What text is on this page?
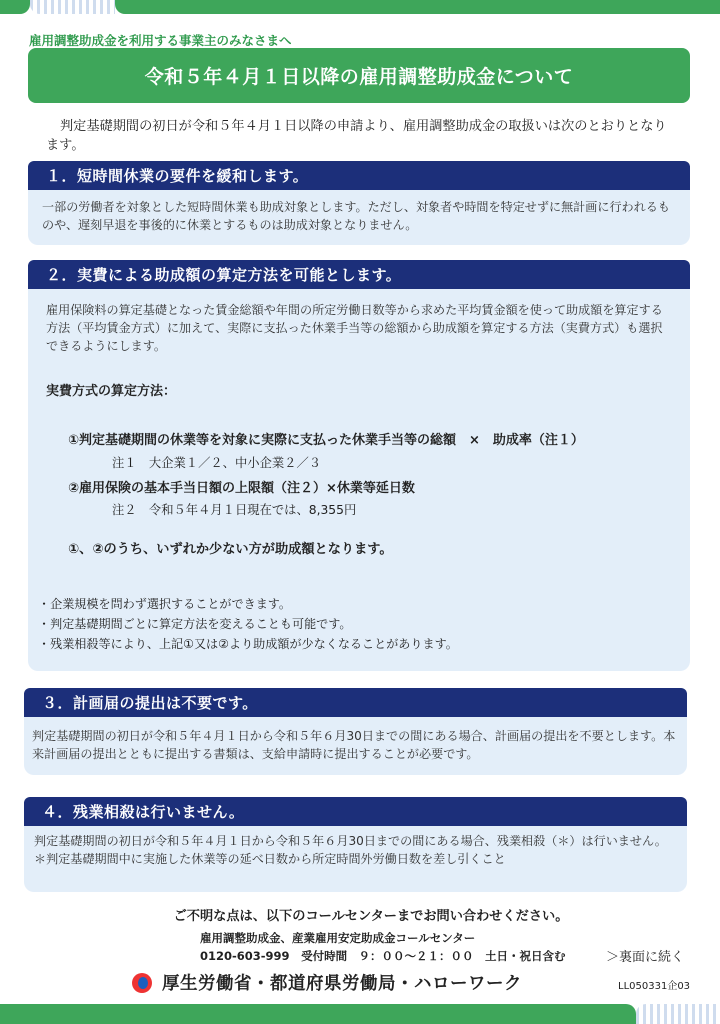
雇用調整助成金を利用する事業主のみなさまへ
令和５年４月１日以降の雇用調整助成金について

判定基礎期間の初日が令和５年４月１日以降の申請より、雇用調整助成金の取扱いは次のとおりとなります。

１．短時間休業の要件を緩和します。
一部の労働者を対象とした短時間休業も助成対象とします。ただし、対象者や時間を特定せずに無計画に行われるものや、遅刻早退を事後的に休業とするものは助成対象となりません。
２．実費による助成額の算定方法を可能とします。

雇用保険料の算定基礎となった賃金総額や年間の所定労働日数等から求めた平均賃金額を使って助成額を算定する方法（平均賃金方式）に加えて、実際に支払った休業手当等の総額から助成額を算定する方法（実費方式）も選択できるようにします。

実費方式の算定方法：
①判定基礎期間の休業等を対象に実際に支払った休業手当等の総額　×　助成率（注１）
注１　大企業１／２、中小企業２／３
②雇用保険の基本手当日額の上限額（注２）×休業等延日数
注２　令和５年４月１日現在では、8,355円
①、②のうち、いずれか少ない方が助成額となります。
・企業規模を問わず選択することができます。
・判定基礎期間ごとに算定方法を変えることも可能です。
・残業相殺等により、上記①又は②より助成額が少なくなることがあります。
３．計画届の提出は不要です。
判定基礎期間の初日が令和５年４月１日から令和５年６月30日までの間にある場合、計画届の提出を不要とします。本来計画届の提出とともに提出する書類は、支給申請時に提出することが必要です。
４．残業相殺は行いません。

判定基礎期間の初日が令和５年４月１日から令和５年６月30日までの間にある場合、残業相殺（＊）は行いません。

＊判定基礎期間中に実施した休業等の延べ日数から所定時間外労働日数を差し引くこと

ご不明な点は、以下のコールセンターまでお問い合わせください。
雇用調整助成金、産業雇用安定助成金コールセンター
0120-603-999　受付時間　９：００～２１：００　土日・祝日含む	＞裏面に続く
厚生労働省・都道府県労働局・ハローワーク	LL050331企03
